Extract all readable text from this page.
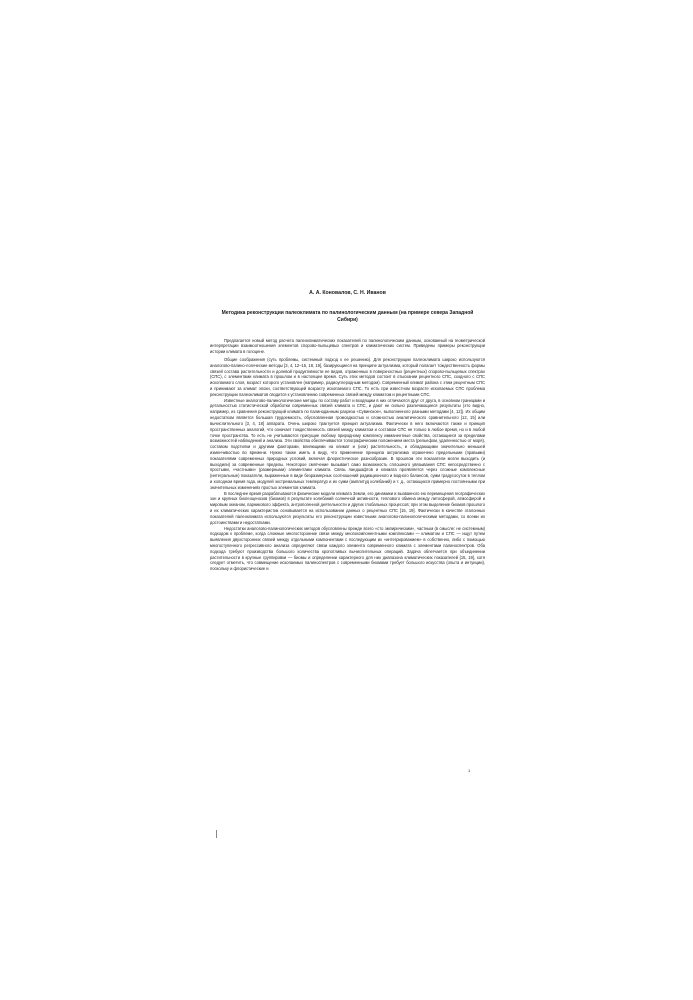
А. А. Коновалов, С. Н. Иванов
Методика реконструкции палеоклимата по палинологическим данным (на примере севера Западной Сибири)

Предлагается новый метод расчета палеоклиматических показателей по палинологическим данным, основанный на геометрической интерпретации взаимоотношения элементов спорово-пыльцевых спектров и климатических систем. Приведены примеры реконструкции истории климата в голоцене.

Общие соображения (суть проблемы, системный подход к ее решению). Для реконструкции палеоклимата широко используются аналогово-палино-логические методы [3, 4, 12–16, 18, 19], базирующиеся на принципе актуализма, который полагает тождественность формы связей состава растительности и долевой продуктивности ее видов, отраженных в поверхностных (рецентных) спорово-пыльцевых спектрах (СПС), с элементами климата в прошлом и в настоящее время. Суть этих методов состоит в отыскании рецентного СПС, сходного с СПС ископаемого слоя, возраст которого установлен (например, радиоуглеродным методом). Современный климат района с этим рецентным СПС и принимают за климат эпохи, соответствующей возрасту ископаемого СПС. То есть при известном возрасте ископаемых СПС проблема реконструкции палеоклиматов сводится к установлению современных связей между климатом и рецентными СПС.

Известные аналогово-палинологические методы по составу работ и входящим в них отличаются друг от друга, в основном границами и детальностью статистической обработки современных связей климата и СПС, и дают не сильно различающиеся результаты (это видно, например, из сравнения реконструкций климата по палиноданным разреза «Сувинское», выполненного разными методами [4, 12]). Их общим недостатком является большая трудоемкость, обусловленная громоздкостью и сложностью аналитического сравнительного [12, 15] или вычислительного [3, 4, 18] аппарата. Очень широко трактуется принцип актуализма. Фактически в него включаются также и принцип пространственных аналогий, что означает тождественность связей между климатом и составом СПС не только в любое время, но и в любой точке пространства. То есть не учитываются присущие любому природному комплексу имманентные свойства, остающиеся за пределами возможностей наблюдений и анализа. Эти свойства обеспечиваются топографическим положением места (рельефом, удаленностью от моря), составом подстилки и другими факторами, влияющими на климат и (или) растительность, и обладающими значительно меньшей изменчивостью во времени. Нужно также иметь в виду, что применение принципа актуализма ограничено предельными (правыми) показателями современных природных условий, включая флористическое разнообразие. В прошлом эти показатели могли выходить (и выходили) за современные пределы. Некоторое смягчение вызывает само возможность сплошного увязывания СПС непосредственно с простыми, «частными» (размерными) элементами климата. Связь ландшафтов и климата проявляется через сложные комплексные (интегральные) показатели, выраженные в виде безразмерных соотношений радиационного и водного балансов, сумм градусосуток в теплом и холодном время года, модулей экстремальных температур и их сумм (амплитуд колебаний) и т. д., остающихся примерно постоянными при значительных изменениях простых элементов климата.

В последнее время разрабатываются физические модели климата Земли, его динамики и вызванного ею перемещения географических зон и крупных биогеоценозов (биомов) в результате колебаний солнечной активности, теплового обмена между литосферой, атмосферой и мировым океаном, парникового эффекта, антропогенной деятельности и других глобальных процессов; при этом выделение биомов прошлого и их климатических характеристик основывается на использовании данных о рецентных СПС [15, 19]. Фактически в качестве эталонных показателей палеоклимата используются результаты его реконструкции известными аналогово-палинологическими методами, со всеми их достоинствами и недостатками.

Недостатки аналогово-палинологических методов обусловлены прежде всего «сто эмпирическим», частным (в смысле: не системным) подходом к проблеме, когда сложные многосторонние связи между многокомпонентными комплексами — климатом и СПС — ищут путем выявления двухсторонних связей между отдельными компонентами с последующим их «интегрированием» в собственно, либо с помощью многоступенного регрессивного анализа определяют связи каждого элемента современного климата с элементами палиноспектров. Оба подхода требуют производства большого количества кропотливых вычислительных операций. Задача облегчается при объединении растительности в крупные группировки — биомы и определении характерного для них диапазона климатических показателей [15, 19], хотя следует отметить, что совмещение ископаемых палиноспектров с современными биомами требует большого искусства (опыта и интуиции), поскольку и флористические и

1
